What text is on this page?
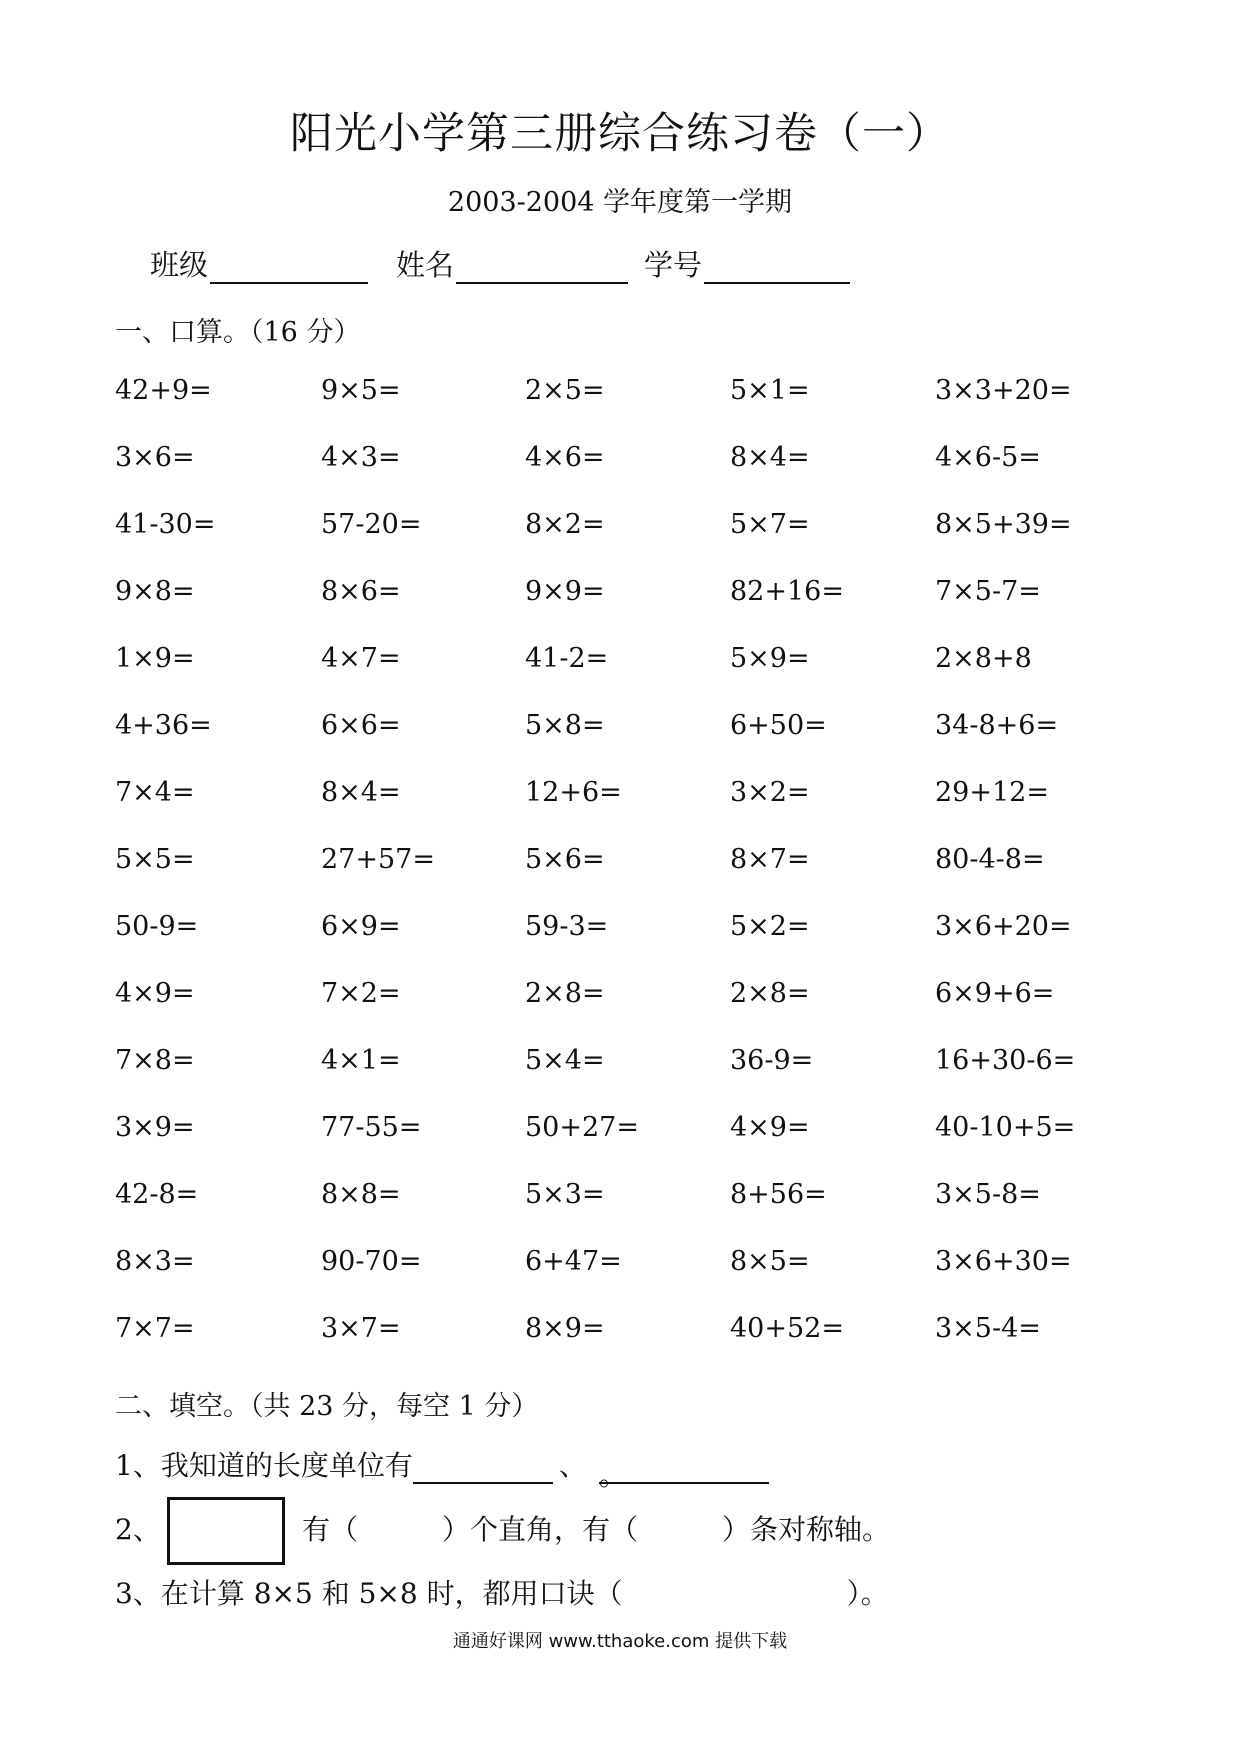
阳光小学第三册综合练习卷（一）
2003-2004 学年度第一学期
班级	姓名	学号
一、口算。（16 分）
42+9=	9×5=	2×5=	5×1=	3×3+20=
3×6=	4×3=	4×6=	8×4=	4×6-5=
41-30=	57-20=	8×2=	5×7=	8×5+39=
9×8=	8×6=	9×9=	82+16=	7×5-7=
1×9=	4×7=	41-2=	5×9=	2×8+8
4+36=	6×6=	5×8=	6+50=	34-8+6=
7×4=	8×4=	12+6=	3×2=	29+12=
5×5=	27+57=	5×6=	8×7=	80-4-8=
50-9=	6×9=	59-3=	5×2=	3×6+20=
4×9=	7×2=	2×8=	2×8=	6×9+6=
7×8=	4×1=	5×4=	36-9=	16+30-6=
3×9=	77-55=	50+27=	4×9=	40-10+5=
42-8=	8×8=	5×3=	8+56=	3×5-8=
8×3=	90-70=	6+47=	8×5=	3×6+30=
7×7=	3×7=	8×9=	40+52=	3×5-4=
二、填空。（共 23 分，每空 1 分）
1、我知道的长度单位有	、 。
2、	有（　　　）个直角，有（　　　）条对称轴。
3、在计算 8×5 和 5×8 时，都用口诀（　　　　　　　　）。
通通好课网 www.tthaoke.com 提供下载
